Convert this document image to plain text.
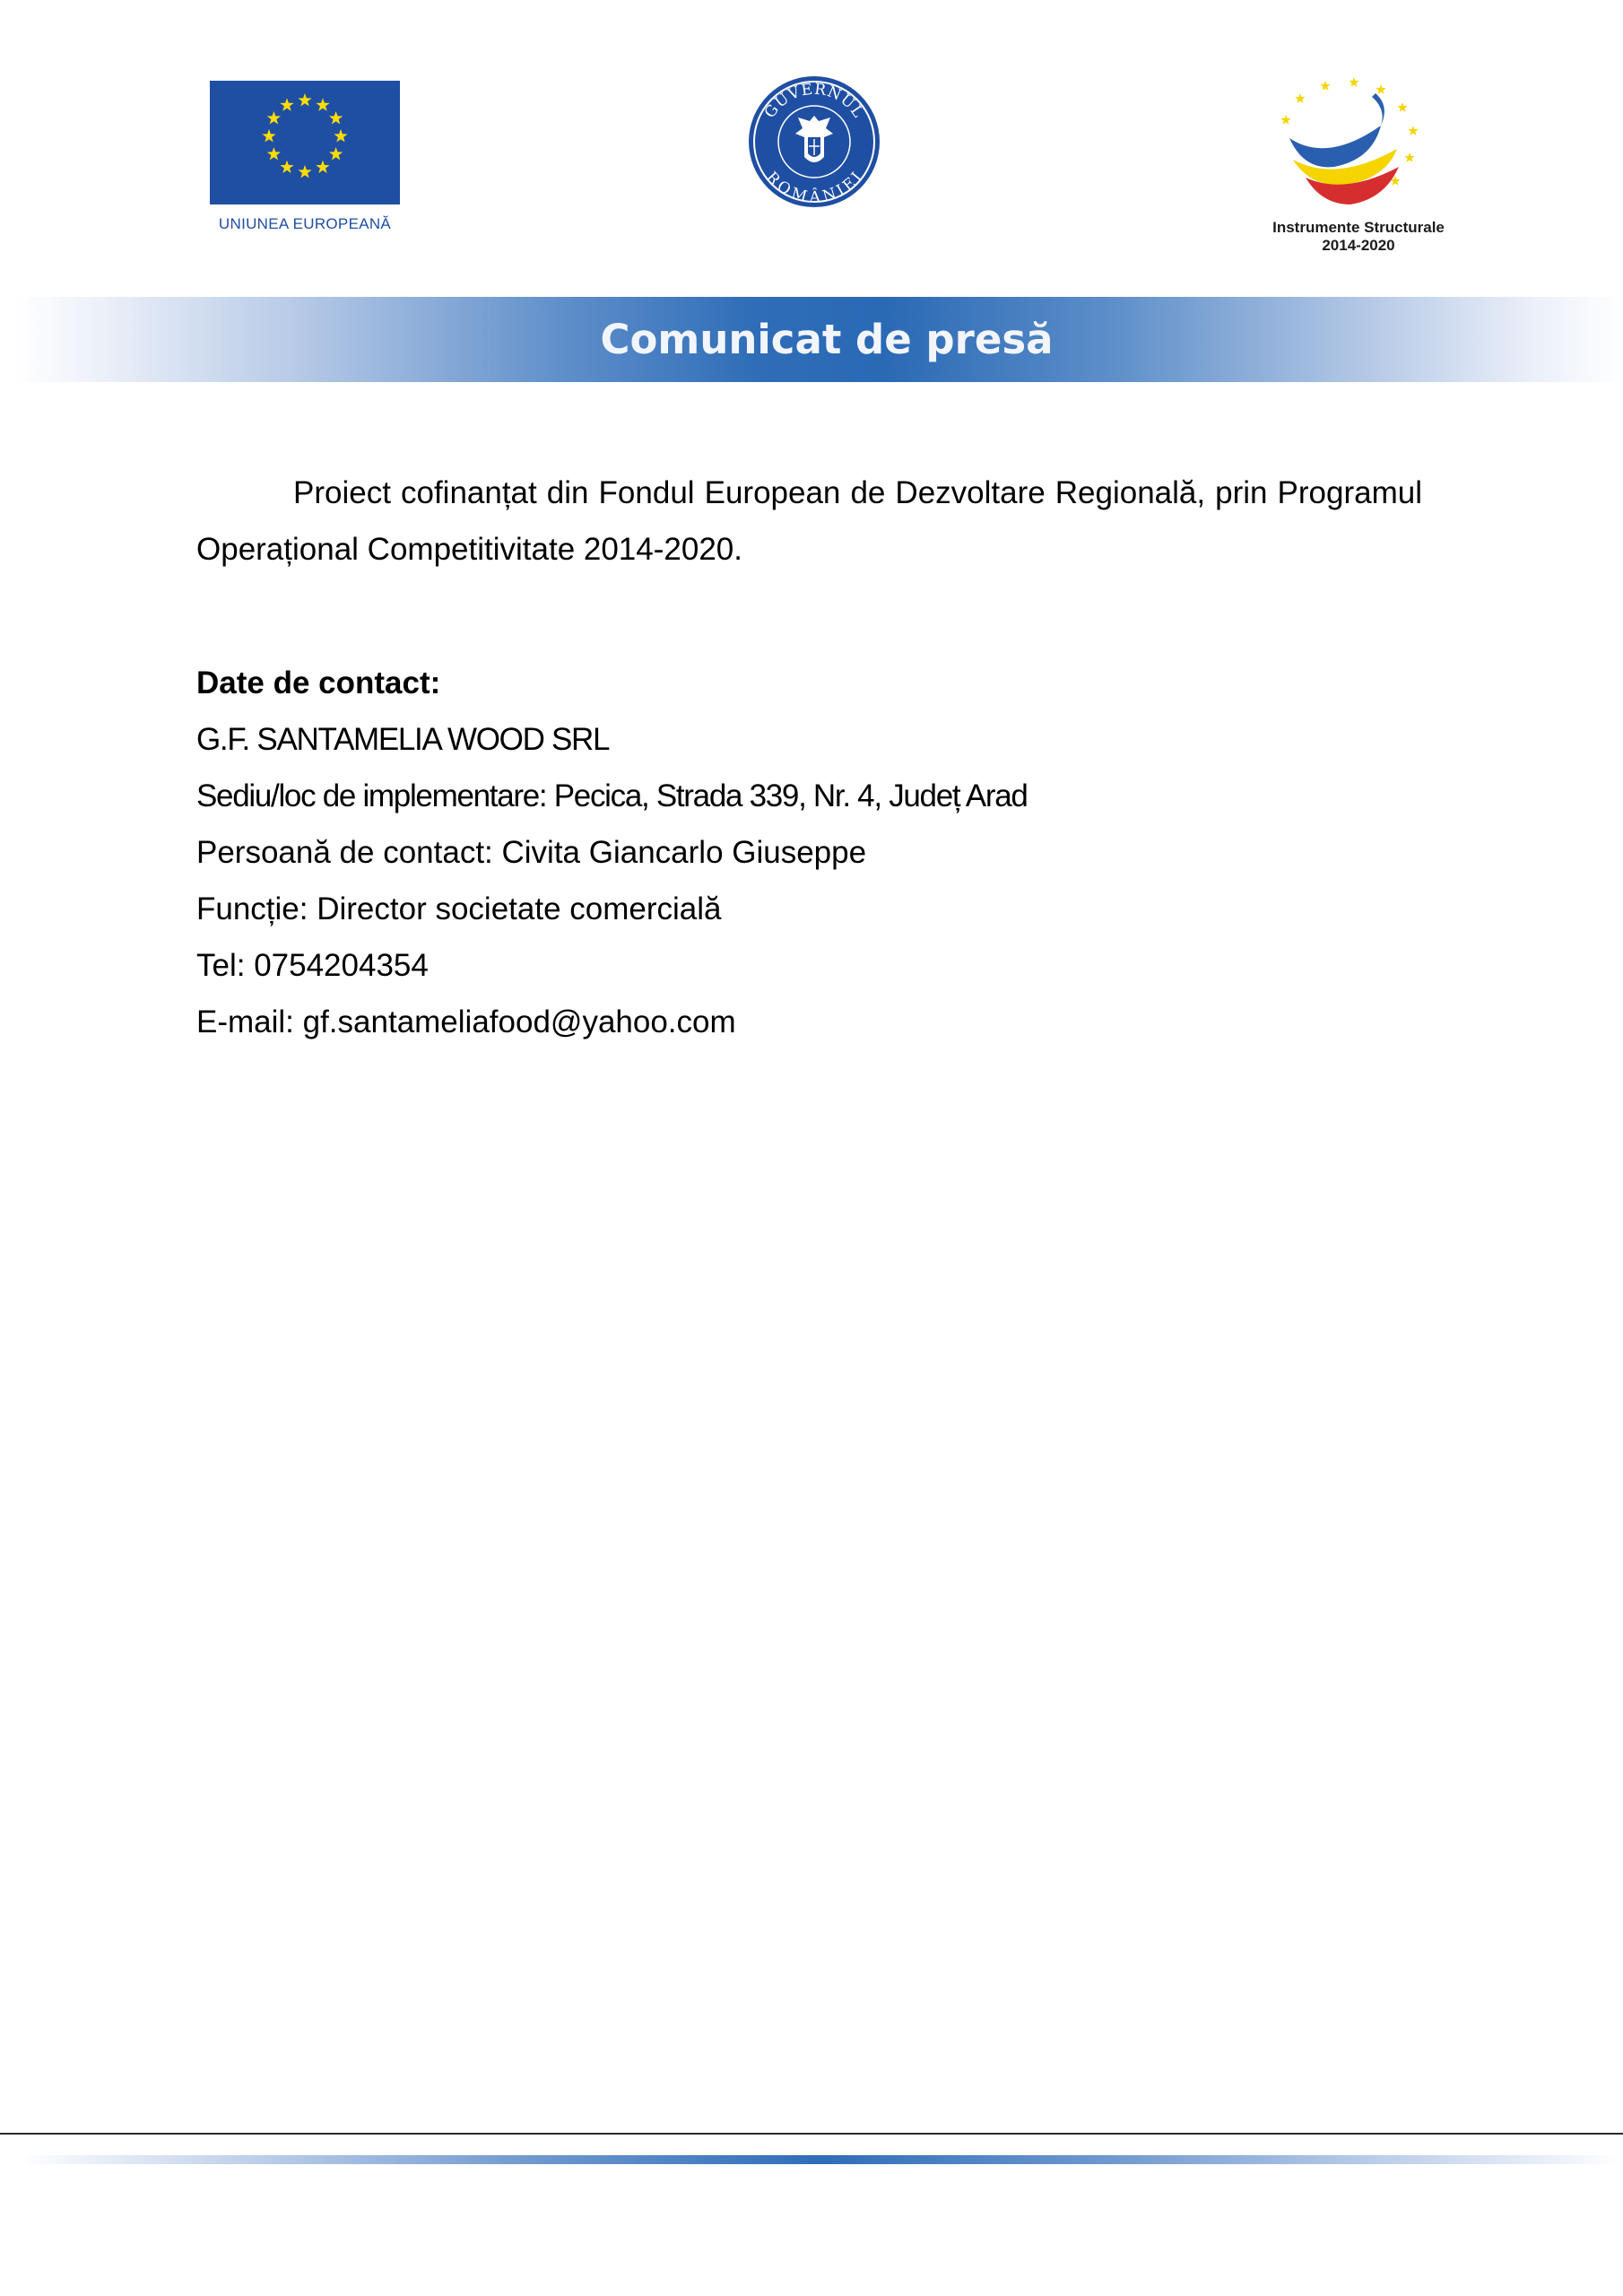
UNIUNEA EUROPEANĂ
GUVERNUL
ROMÂNIEI
Instrumente Structurale
2014-2020
Comunicat de presă

Proiect cofinanțat din Fondul European de Dezvoltare Regională, prin Programul Operațional Competitivitate 2014-2020.

Date de contact:

G.F. SANTAMELIA WOOD SRL

Sediu/loc de implementare: Pecica, Strada 339, Nr. 4, Județ Arad

Persoană de contact: Civita Giancarlo Giuseppe

Funcție: Director societate comercială

Tel: 0754204354

E-mail: gf.santameliafood@yahoo.com
